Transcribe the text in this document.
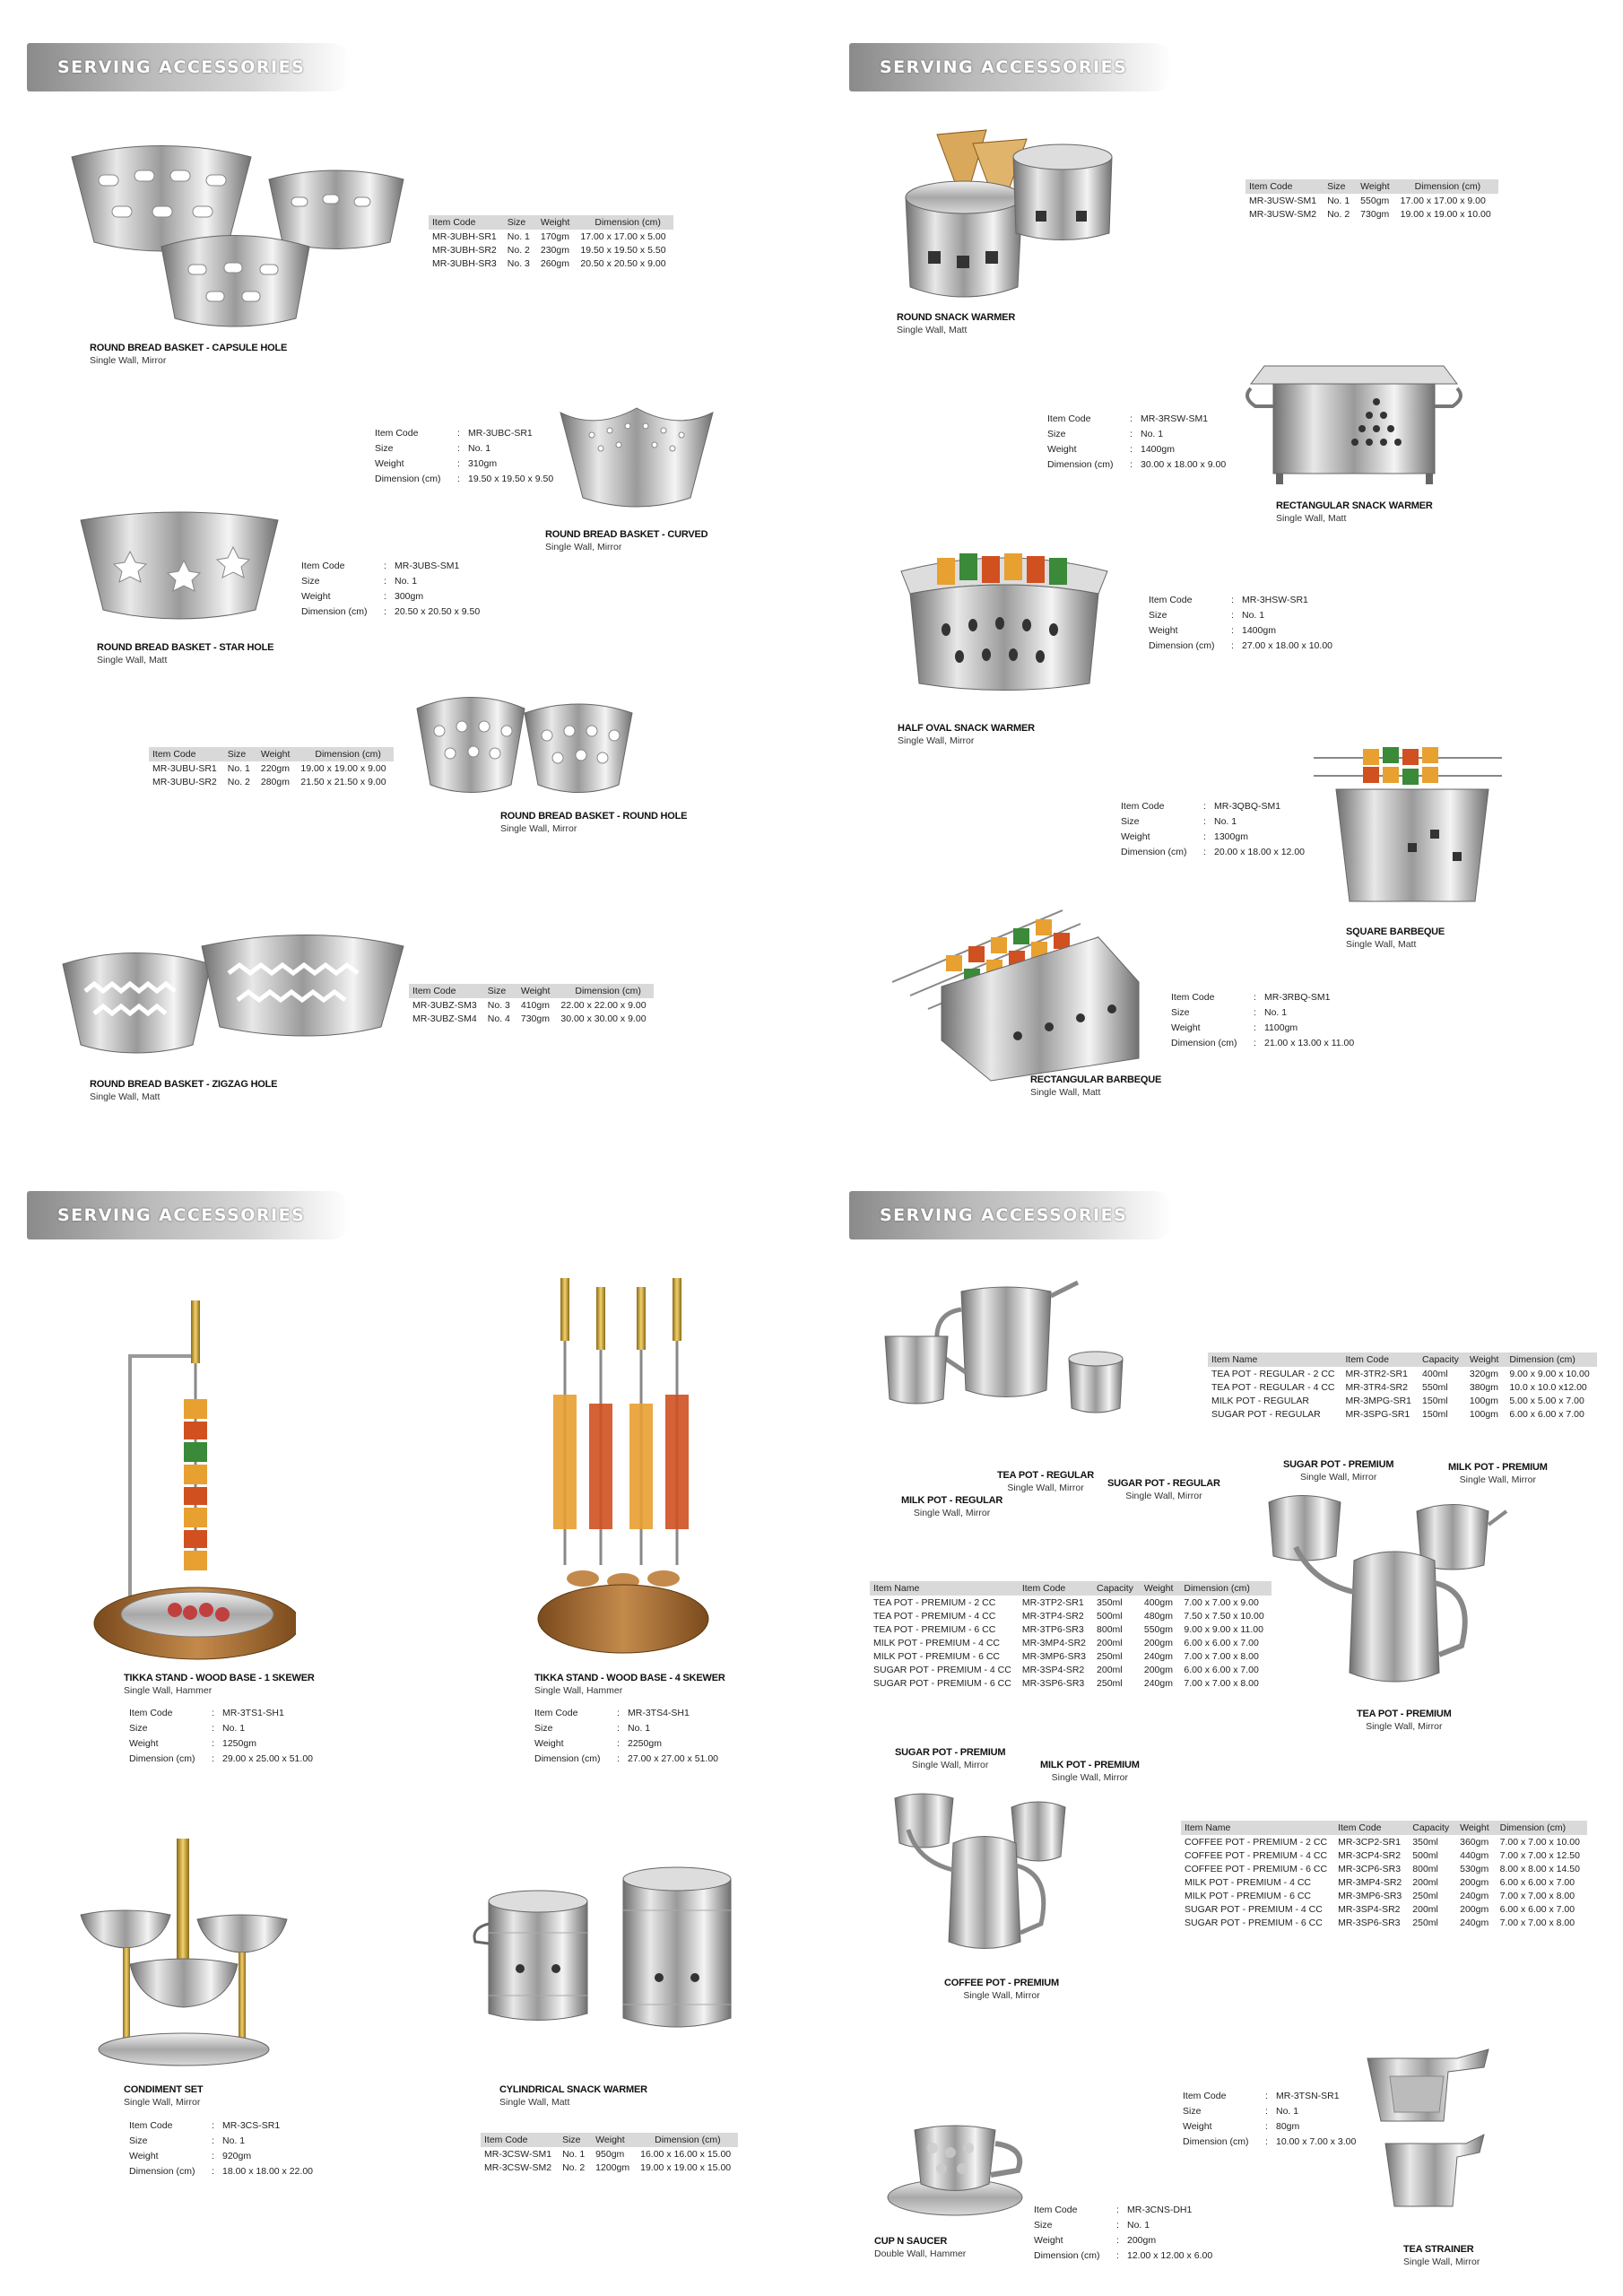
SERVING ACCESSORIES
Item Code	Size	Weight	Dimension (cm)
MR-3UBH-SR1	No. 1	170gm	17.00 x 17.00 x 5.00
MR-3UBH-SR2	No. 2	230gm	19.50 x 19.50 x 5.50
MR-3UBH-SR3	No. 3	260gm	20.50 x 20.50 x 9.00
ROUND BREAD BASKET - CAPSULE HOLE
Single Wall, Mirror
Item Code	: MR-3UBC-SR1
Size	: No. 1
Weight	: 310gm
Dimension (cm)	: 19.50 x 19.50 x 9.50
ROUND BREAD BASKET - CURVED
Single Wall, Mirror
Item Code	: MR-3UBS-SM1
Size	: No. 1
Weight	: 300gm
Dimension (cm)	: 20.50 x 20.50 x 9.50
ROUND BREAD BASKET - STAR HOLE
Single Wall, Matt
Item Code	Size	Weight	Dimension (cm)
MR-3UBU-SR1	No. 1	220gm	19.00 x 19.00 x 9.00
MR-3UBU-SR2	No. 2	280gm	21.50 x 21.50 x 9.00
ROUND BREAD BASKET - ROUND HOLE
Single Wall, Mirror
Item Code	Size	Weight	Dimension (cm)
MR-3UBZ-SM3	No. 3	410gm	22.00 x 22.00 x 9.00
MR-3UBZ-SM4	No. 4	730gm	30.00 x 30.00 x 9.00
ROUND BREAD BASKET - ZIGZAG HOLE
Single Wall, Matt
SERVING ACCESSORIES
Item Code	Size	Weight	Dimension (cm)
MR-3USW-SM1	No. 1	550gm	17.00 x 17.00 x 9.00
MR-3USW-SM2	No. 2	730gm	19.00 x 19.00 x 10.00
ROUND SNACK WARMER
Single Wall, Matt
Item Code	: MR-3RSW-SM1
Size	: No. 1
Weight	: 1400gm
Dimension (cm)	: 30.00 x 18.00 x 9.00
RECTANGULAR SNACK WARMER
Single Wall, Matt
Item Code	: MR-3HSW-SR1
Size	: No. 1
Weight	: 1400gm
Dimension (cm)	: 27.00 x 18.00 x 10.00
HALF OVAL SNACK WARMER
Single Wall, Mirror
Item Code	: MR-3QBQ-SM1
Size	: No. 1
Weight	: 1300gm
Dimension (cm)	: 20.00 x 18.00 x 12.00
SQUARE BARBEQUE
Single Wall, Matt
Item Code	: MR-3RBQ-SM1
Size	: No. 1
Weight	: 1100gm
Dimension (cm)	: 21.00 x 13.00 x 11.00
RECTANGULAR BARBEQUE
Single Wall, Matt
SERVING ACCESSORIES
TIKKA STAND - WOOD BASE - 1 SKEWER
Single Wall, Hammer
Item Code	: MR-3TS1-SH1
Size	: No. 1
Weight	: 1250gm
Dimension (cm)	: 29.00 x 25.00 x 51.00
TIKKA STAND - WOOD BASE - 4 SKEWER
Single Wall, Hammer
Item Code	: MR-3TS4-SH1
Size	: No. 1
Weight	: 2250gm
Dimension (cm)	: 27.00 x 27.00 x 51.00
CONDIMENT SET
Single Wall, Mirror
Item Code	: MR-3CS-SR1
Size	: No. 1
Weight	: 920gm
Dimension (cm)	: 18.00 x 18.00 x 22.00
CYLINDRICAL SNACK WARMER
Single Wall, Matt
Item Code	Size	Weight	Dimension (cm)
MR-3CSW-SM1	No. 1	950gm	16.00 x 16.00 x 15.00
MR-3CSW-SM2	No. 2	1200gm	19.00 x 19.00 x 15.00
SERVING ACCESSORIES
MILK POT - REGULAR
Single Wall, Mirror
TEA POT - REGULAR
Single Wall, Mirror	SUGAR POT - REGULAR
Single Wall, Mirror
Item Name	Item Code	Capacity	Weight	Dimension (cm)
TEA POT - REGULAR - 2 CC	MR-3TR2-SR1	400ml	320gm	9.00 x 9.00 x 10.00
TEA POT - REGULAR - 4 CC	MR-3TR4-SR2	550ml	380gm	10.0 x 10.0 x12.00
MILK POT - REGULAR	MR-3MPG-SR1	150ml	100gm	5.00 x 5.00 x 7.00
SUGAR POT - REGULAR	MR-3SPG-SR1	150ml	100gm	6.00 x 6.00 x 7.00
SUGAR POT - PREMIUM
Single Wall, Mirror
MILK POT - PREMIUM
Single Wall, Mirror
TEA POT - PREMIUM
Single Wall, Mirror
Item Name	Item Code	Capacity	Weight	Dimension (cm)
TEA POT - PREMIUM - 2 CC	MR-3TP2-SR1	350ml	400gm	7.00 x 7.00 x 9.00
TEA POT - PREMIUM - 4 CC	MR-3TP4-SR2	500ml	480gm	7.50 x 7.50 x 10.00
TEA POT - PREMIUM - 6 CC	MR-3TP6-SR3	800ml	550gm	9.00 x 9.00 x 11.00
MILK POT - PREMIUM - 4 CC	MR-3MP4-SR2	200ml	200gm	6.00 x 6.00 x 7.00
MILK POT - PREMIUM - 6 CC	MR-3MP6-SR3	250ml	240gm	7.00 x 7.00 x 8.00
SUGAR POT - PREMIUM - 4 CC	MR-3SP4-SR2	200ml	200gm	6.00 x 6.00 x 7.00
SUGAR POT - PREMIUM - 6 CC	MR-3SP6-SR3	250ml	240gm	7.00 x 7.00 x 8.00
SUGAR POT - PREMIUM
Single Wall, Mirror	MILK POT - PREMIUM
Single Wall, Mirror
COFFEE POT - PREMIUM
Single Wall, Mirror
Item Name	Item Code	Capacity	Weight	Dimension (cm)
COFFEE POT - PREMIUM - 2 CC	MR-3CP2-SR1	350ml	360gm	7.00 x 7.00 x 10.00
COFFEE POT - PREMIUM - 4 CC	MR-3CP4-SR2	500ml	440gm	7.00 x 7.00 x 12.50
COFFEE POT - PREMIUM - 6 CC	MR-3CP6-SR3	800ml	530gm	8.00 x 8.00 x 14.50
MILK POT - PREMIUM - 4 CC	MR-3MP4-SR2	200ml	200gm	6.00 x 6.00 x 7.00
MILK POT - PREMIUM - 6 CC	MR-3MP6-SR3	250ml	240gm	7.00 x 7.00 x 8.00
SUGAR POT - PREMIUM - 4 CC	MR-3SP4-SR2	200ml	200gm	6.00 x 6.00 x 7.00
SUGAR POT - PREMIUM - 6 CC	MR-3SP6-SR3	250ml	240gm	7.00 x 7.00 x 8.00
Item Code	: MR-3TSN-SR1
Size	: No. 1
Weight	: 80gm
Dimension (cm)	: 10.00 x 7.00 x 3.00
TEA STRAINER
Single Wall, Mirror
Item Code	: MR-3CNS-DH1
Size	: No. 1
Weight	: 200gm
Dimension (cm)	: 12.00 x 12.00 x 6.00
CUP N SAUCER
Double Wall, Hammer
